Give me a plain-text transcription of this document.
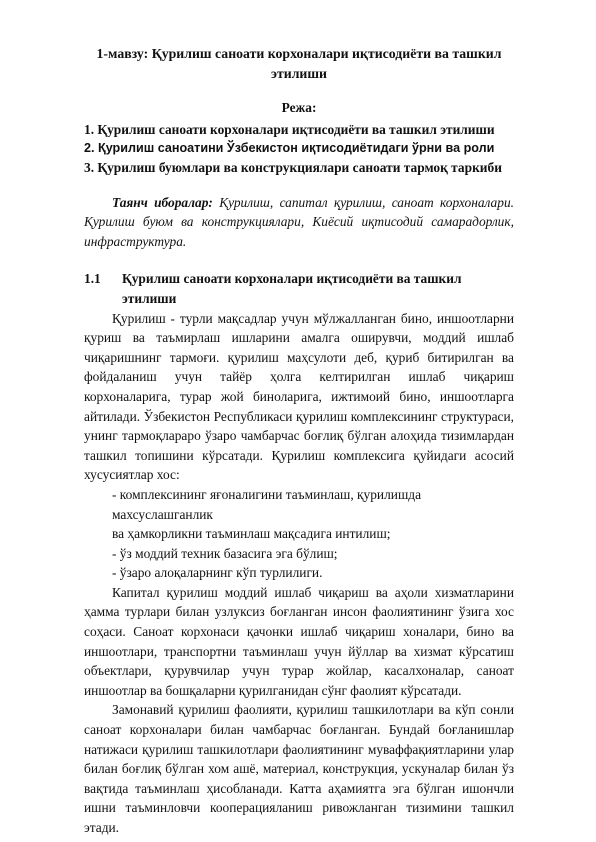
1-мавзу: Қурилиш саноати корхоналари иқтисодиёти ва ташкил этилиши
Режа:
1. Қурилиш саноати корхоналари иқтисодиёти ва ташкил этилиши
2. Қурилиш саноатини Ўзбекистон иқтисодиётидаги ўрни ва роли
3. Қурилиш буюмлари ва конструкциялари саноати тармоқ таркиби

Таянч иборалар: Қурилиш, сапитал қурилиш, саноат корхоналари. Қурилиш буюм ва конструкциялари, Киёсий иқтисодий самарадорлик, инфраструктура.

1.1	Қурилиш саноати корхоналари иқтисодиёти ва ташкил этилиши

Қурилиш - турли мақсадлар учун мўлжалланган бино, иншоотларни қуриш ва таъмирлаш ишларини амалга оширувчи, моддий ишлаб чиқаришнинг тармоғи. қурилиш маҳсулоти деб, қуриб битирилган ва фойдаланиш учун тайёр ҳолга келтирилган ишлаб чиқариш корхоналарига, турар жой биноларига, ижтимоий бино, иншоотларга айтилади. Ўзбекистон Республикаси қурилиш комплексининг структураси, унинг тармоқлараро ўзаро чамбарчас боғлиқ бўлган алоҳида тизимлардан ташкил топишини кўрсатади. Қурилиш комплексига қуйидаги асосий хусусиятлар хос:

- комплексининг яғоналигини таъминлаш, қурилишда махсуслашганлик
ва ҳамкорликни таъминлаш мақсадига интилиш;
- ўз моддий техник базасига эга бўлиш;
- ўзаро алоқаларнинг кўп турлилиги.

Капитал қурилиш моддий ишлаб чиқариш ва аҳоли хизматларини ҳамма турлари билан узлуксиз боғланган инсон фаолиятининг ўзига хос соҳаси. Саноат корхонаси қачонки ишлаб чиқариш хоналари, бино ва иншоотлари, транспортни таъминлаш учун йўллар ва хизмат кўрсатиш объектлари, қурувчилар учун турар жойлар, касалхоналар, саноат иншоотлар ва бошқаларни қурилганидан сўнг фаолият кўрсатади.

Замонавий қурилиш фаолияти, қурилиш ташкилотлари ва кўп сонли саноат корхоналари билан чамбарчас боғланган. Бундай боғланишлар натижаси қурилиш ташкилотлари фаолиятининг муваффақиятларини улар билан боғлиқ бўлган хом ашё, материал, конструкция, ускуналар билан ўз вақтида таъминлаш ҳисобланади. Катта аҳамиятга эга бўлган ишончли ишни таъминловчи кооперацияланиш ривожланган тизимини ташкил этади.
